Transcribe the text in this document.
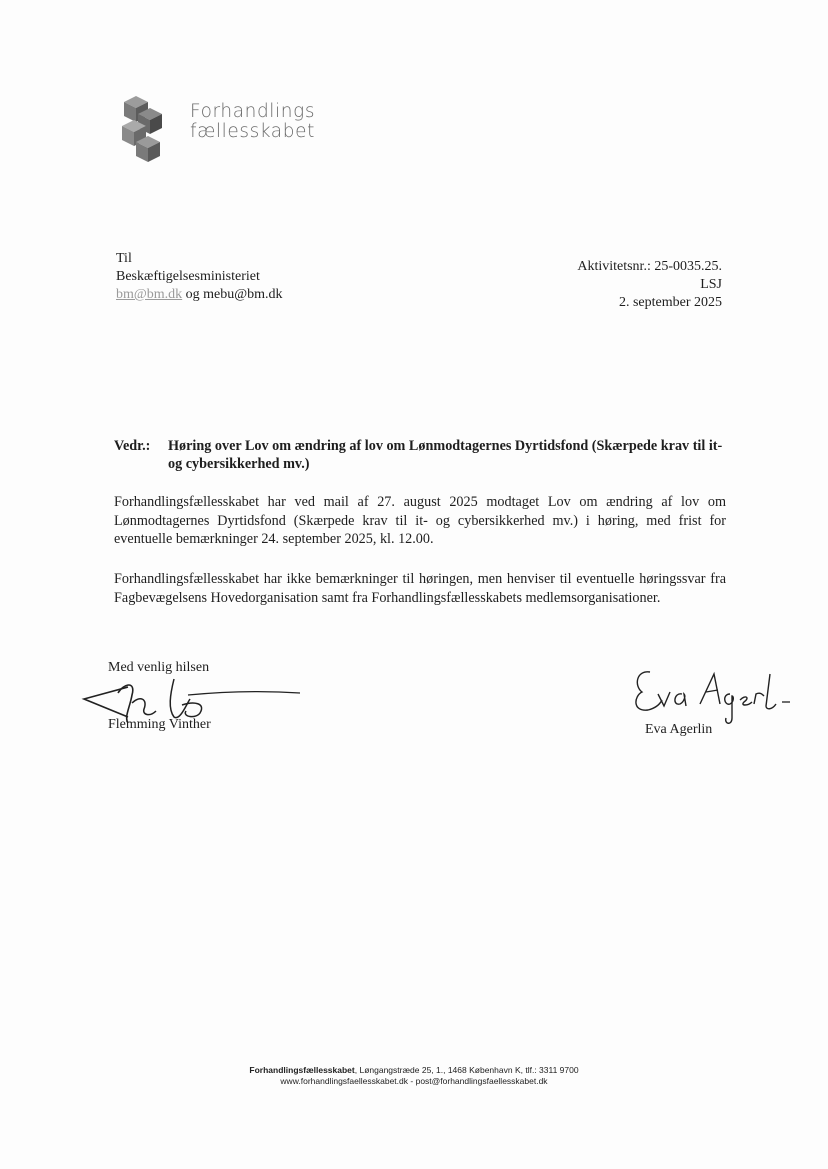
Forhandlings
fællesskabet
Til
Beskæftigelsesministeriet
bm@bm.dk og mebu@bm.dk
Aktivitetsnr.: 25-0035.25.
LSJ
2. september 2025
Vedr.: Høring over Lov om ændring af lov om Lønmodtagernes Dyrtidsfond (Skærpede krav til it- og cybersikkerhed mv.)
Forhandlingsfællesskabet har ved mail af 27. august 2025 modtaget Lov om ændring af lov om Lønmodtagernes Dyrtidsfond (Skærpede krav til it- og cybersikkerhed mv.) i høring, med frist for eventuelle bemærkninger 24. september 2025, kl. 12.00.
Forhandlingsfællesskabet har ikke bemærkninger til høringen, men henviser til eventuelle høringssvar fra Fagbevægelsens Hovedorganisation samt fra Forhandlingsfællesskabets medlemsorganisationer.
Med venlig hilsen
Flemming Vinther	Eva Agerlin
Forhandlingsfællesskabet, Løngangstræde 25, 1., 1468 København K, tlf.: 3311 9700
www.forhandlingsfaellesskabet.dk - post@forhandlingsfaellesskabet.dk
